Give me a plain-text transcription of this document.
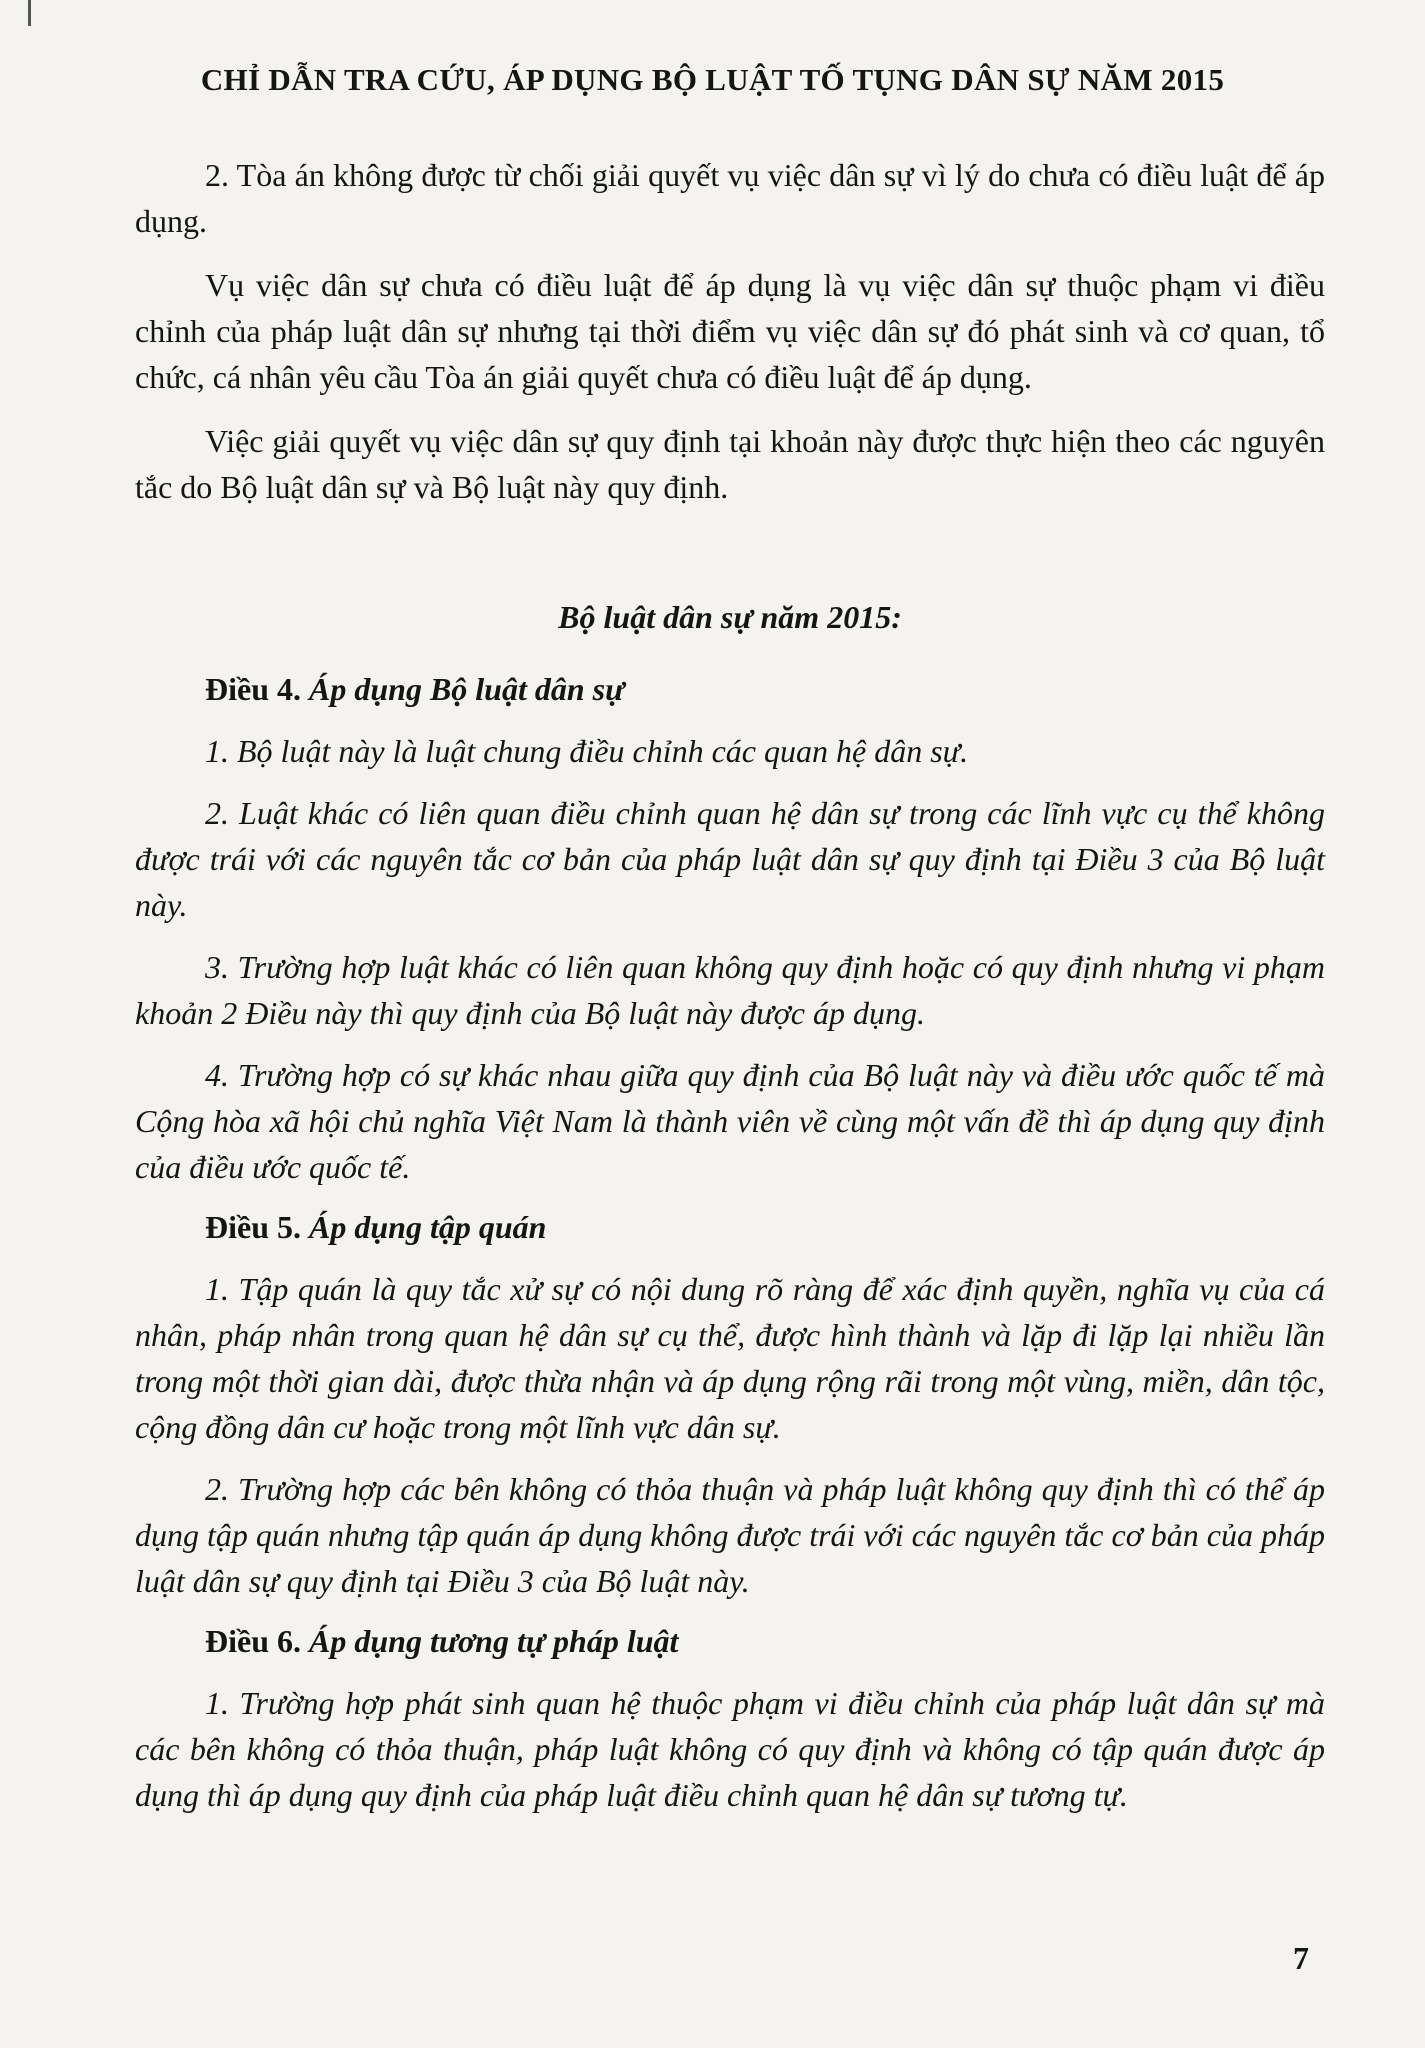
CHỈ DẪN TRA CỨU, ÁP DỤNG BỘ LUẬT TỐ TỤNG DÂN SỰ NĂM 2015

2. Tòa án không được từ chối giải quyết vụ việc dân sự vì lý do chưa có điều luật để áp dụng.

Vụ việc dân sự chưa có điều luật để áp dụng là vụ việc dân sự thuộc phạm vi điều chỉnh của pháp luật dân sự nhưng tại thời điểm vụ việc dân sự đó phát sinh và cơ quan, tổ chức, cá nhân yêu cầu Tòa án giải quyết chưa có điều luật để áp dụng.

Việc giải quyết vụ việc dân sự quy định tại khoản này được thực hiện theo các nguyên tắc do Bộ luật dân sự và Bộ luật này quy định.

Bộ luật dân sự năm 2015:
Điều 4. Áp dụng Bộ luật dân sự

1. Bộ luật này là luật chung điều chỉnh các quan hệ dân sự.

2. Luật khác có liên quan điều chỉnh quan hệ dân sự trong các lĩnh vực cụ thể không được trái với các nguyên tắc cơ bản của pháp luật dân sự quy định tại Điều 3 của Bộ luật này.

3. Trường hợp luật khác có liên quan không quy định hoặc có quy định nhưng vi phạm khoản 2 Điều này thì quy định của Bộ luật này được áp dụng.

4. Trường hợp có sự khác nhau giữa quy định của Bộ luật này và điều ước quốc tế mà Cộng hòa xã hội chủ nghĩa Việt Nam là thành viên về cùng một vấn đề thì áp dụng quy định của điều ước quốc tế.

Điều 5. Áp dụng tập quán

1. Tập quán là quy tắc xử sự có nội dung rõ ràng để xác định quyền, nghĩa vụ của cá nhân, pháp nhân trong quan hệ dân sự cụ thể, được hình thành và lặp đi lặp lại nhiều lần trong một thời gian dài, được thừa nhận và áp dụng rộng rãi trong một vùng, miền, dân tộc, cộng đồng dân cư hoặc trong một lĩnh vực dân sự.

2. Trường hợp các bên không có thỏa thuận và pháp luật không quy định thì có thể áp dụng tập quán nhưng tập quán áp dụng không được trái với các nguyên tắc cơ bản của pháp luật dân sự quy định tại Điều 3 của Bộ luật này.

Điều 6. Áp dụng tương tự pháp luật

1. Trường hợp phát sinh quan hệ thuộc phạm vi điều chỉnh của pháp luật dân sự mà các bên không có thỏa thuận, pháp luật không có quy định và không có tập quán được áp dụng thì áp dụng quy định của pháp luật điều chỉnh quan hệ dân sự tương tự.

7
